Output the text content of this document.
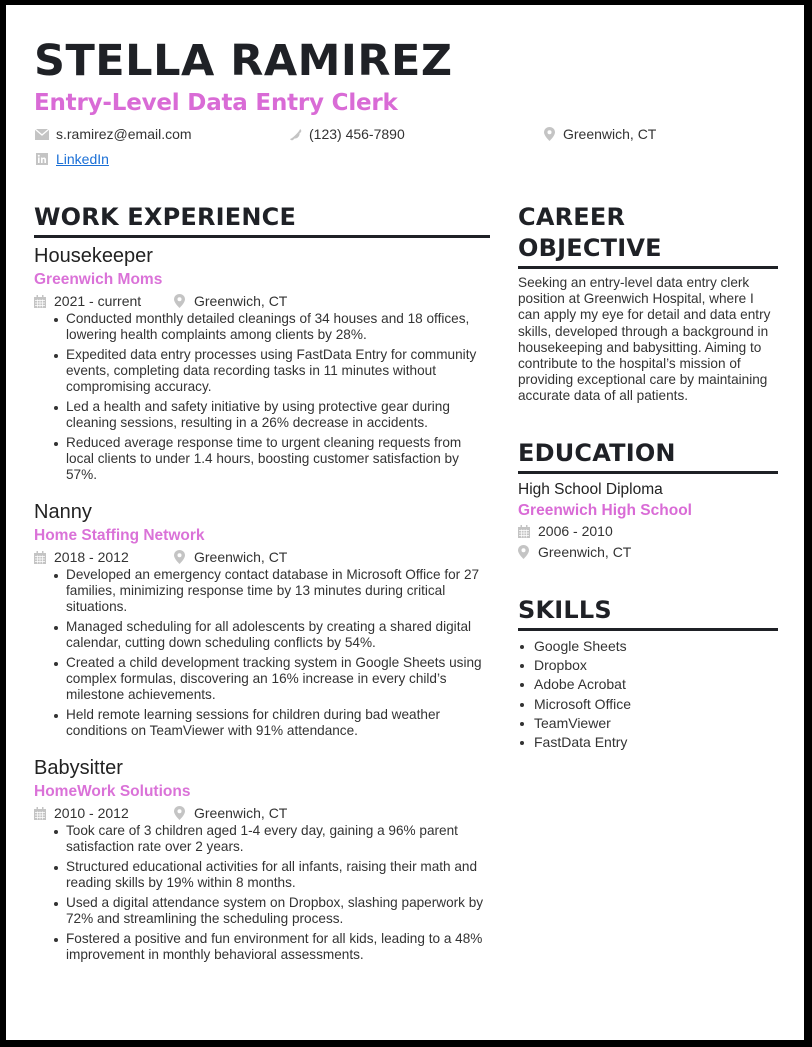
STELLA RAMIREZ
Entry-Level Data Entry Clerk
s.ramirez@email.com	(123) 456-7890	Greenwich, CT
LinkedIn
WORK EXPERIENCE
Housekeeper
Greenwich Moms
2021 - current	Greenwich, CT
Conducted monthly detailed cleanings of 34 houses and 18 offices, lowering health complaints among clients by 28%.
Expedited data entry processes using FastData Entry for community events, completing data recording tasks in 11 minutes without compromising accuracy.
Led a health and safety initiative by using protective gear during cleaning sessions, resulting in a 26% decrease in accidents.
Reduced average response time to urgent cleaning requests from local clients to under 1.4 hours, boosting customer satisfaction by 57%.
Nanny
Home Staffing Network
2018 - 2012	Greenwich, CT
Developed an emergency contact database in Microsoft Office for 27 families, minimizing response time by 13 minutes during critical situations.
Managed scheduling for all adolescents by creating a shared digital calendar, cutting down scheduling conflicts by 54%.
Created a child development tracking system in Google Sheets using complex formulas, discovering an 16% increase in every child’s milestone achievements.
Held remote learning sessions for children during bad weather conditions on TeamViewer with 91% attendance.
Babysitter
HomeWork Solutions
2010 - 2012	Greenwich, CT
Took care of 3 children aged 1-4 every day, gaining a 96% parent satisfaction rate over 2 years.
Structured educational activities for all infants, raising their math and reading skills by 19% within 8 months.
Used a digital attendance system on Dropbox, slashing paperwork by 72% and streamlining the scheduling process.
Fostered a positive and fun environment for all kids, leading to a 48% improvement in monthly behavioral assessments.
CAREER
OBJECTIVE
Seeking an entry-level data entry clerk position at Greenwich Hospital, where I can apply my eye for detail and data entry skills, developed through a background in housekeeping and babysitting. Aiming to contribute to the hospital’s mission of providing exceptional care by maintaining accurate data of all patients.
EDUCATION
High School Diploma
Greenwich High School
2006 - 2010
Greenwich, CT
SKILLS
Google Sheets
Dropbox
Adobe Acrobat
Microsoft Office
TeamViewer
FastData Entry
